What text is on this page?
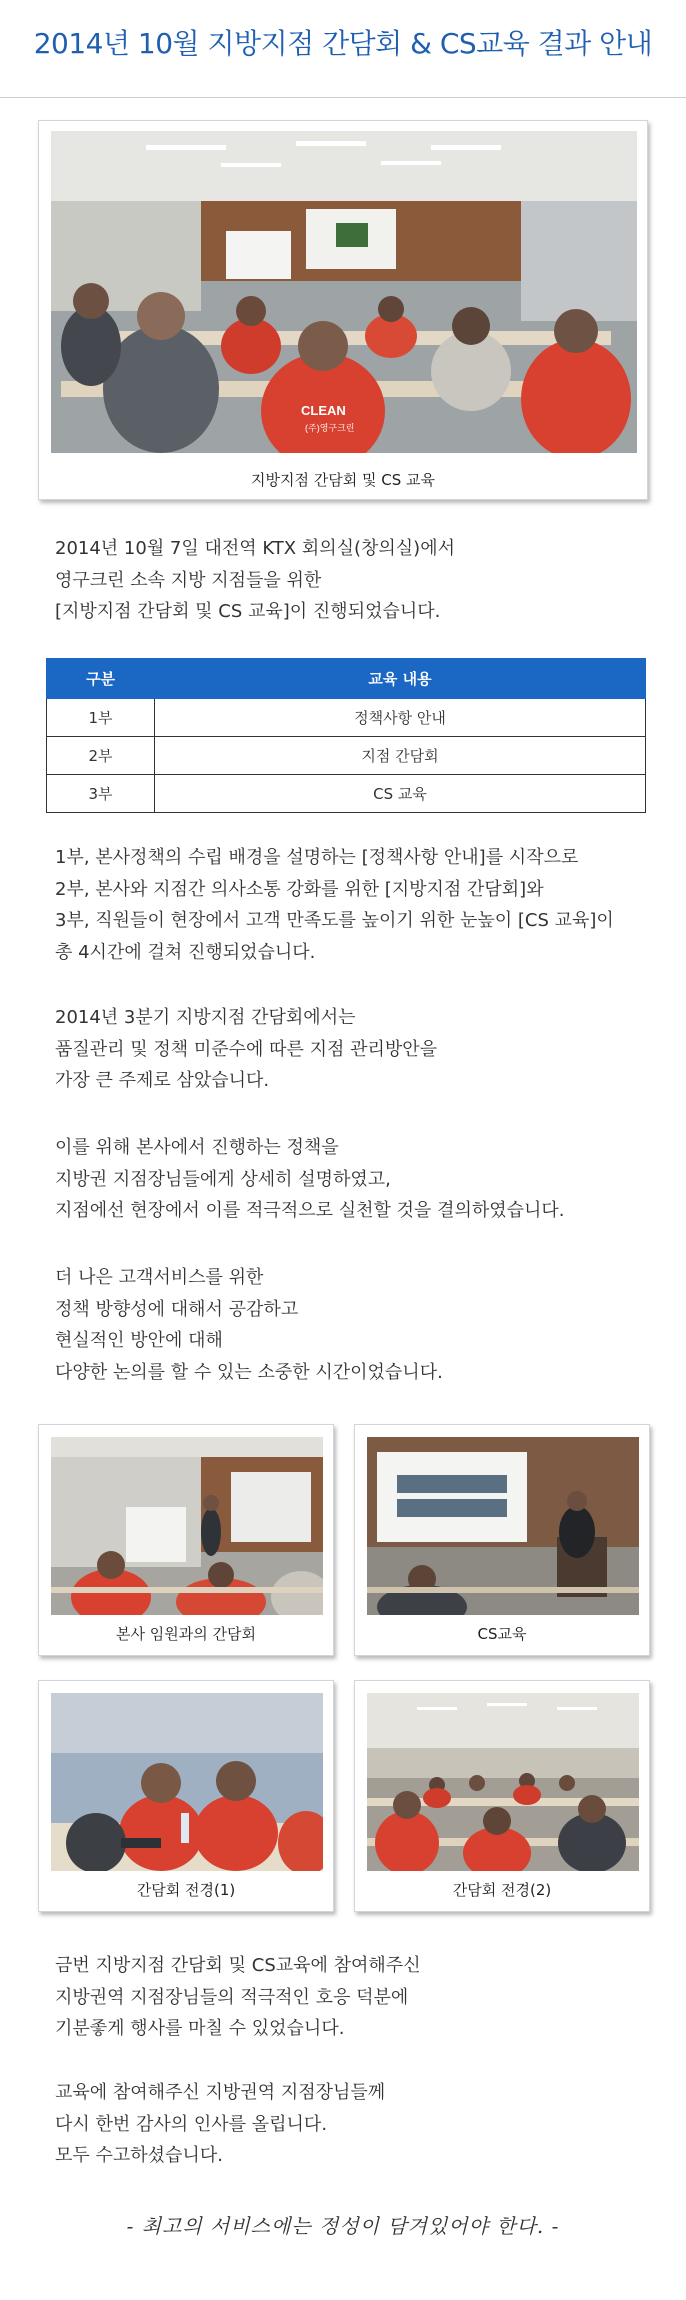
2014년 10월 지방지점 간담회 & CS교육 결과 안내
CLEAN
(주)영구크린
지방지점 간담회 및 CS 교육
2014년 10월 7일 대전역 KTX 회의실(창의실)에서
영구크린 소속 지방 지점들을 위한
[지방지점 간담회 및 CS 교육]이 진행되었습니다.
구분	교육 내용
1부	정책사항 안내
2부	지점 간담회
3부	CS 교육
1부, 본사정책의 수립 배경을 설명하는 [정책사항 안내]를 시작으로
2부, 본사와 지점간 의사소통 강화를 위한 [지방지점 간담회]와
3부, 직원들이 현장에서 고객 만족도를 높이기 위한 눈높이 [CS 교육]이
총 4시간에 걸쳐 진행되었습니다.
2014년 3분기 지방지점 간담회에서는
품질관리 및 정책 미준수에 따른 지점 관리방안을
가장 큰 주제로 삼았습니다.
이를 위해 본사에서 진행하는 정책을
지방권 지점장님들에게 상세히 설명하였고,
지점에선 현장에서 이를 적극적으로 실천할 것을 결의하였습니다.
더 나은 고객서비스를 위한
정책 방향성에 대해서 공감하고
현실적인 방안에 대해
다양한 논의를 할 수 있는 소중한 시간이었습니다.
본사 임원과의 간담회	CS교육
간담회 전경(1)	간담회 전경(2)
금번 지방지점 간담회 및 CS교육에 참여해주신
지방권역 지점장님들의 적극적인 호응 덕분에
기분좋게 행사를 마칠 수 있었습니다.
교육에 참여해주신 지방권역 지점장님들께
다시 한번 감사의 인사를 올립니다.
모두 수고하셨습니다.
- 최고의 서비스에는 정성이 담겨있어야 한다. -
